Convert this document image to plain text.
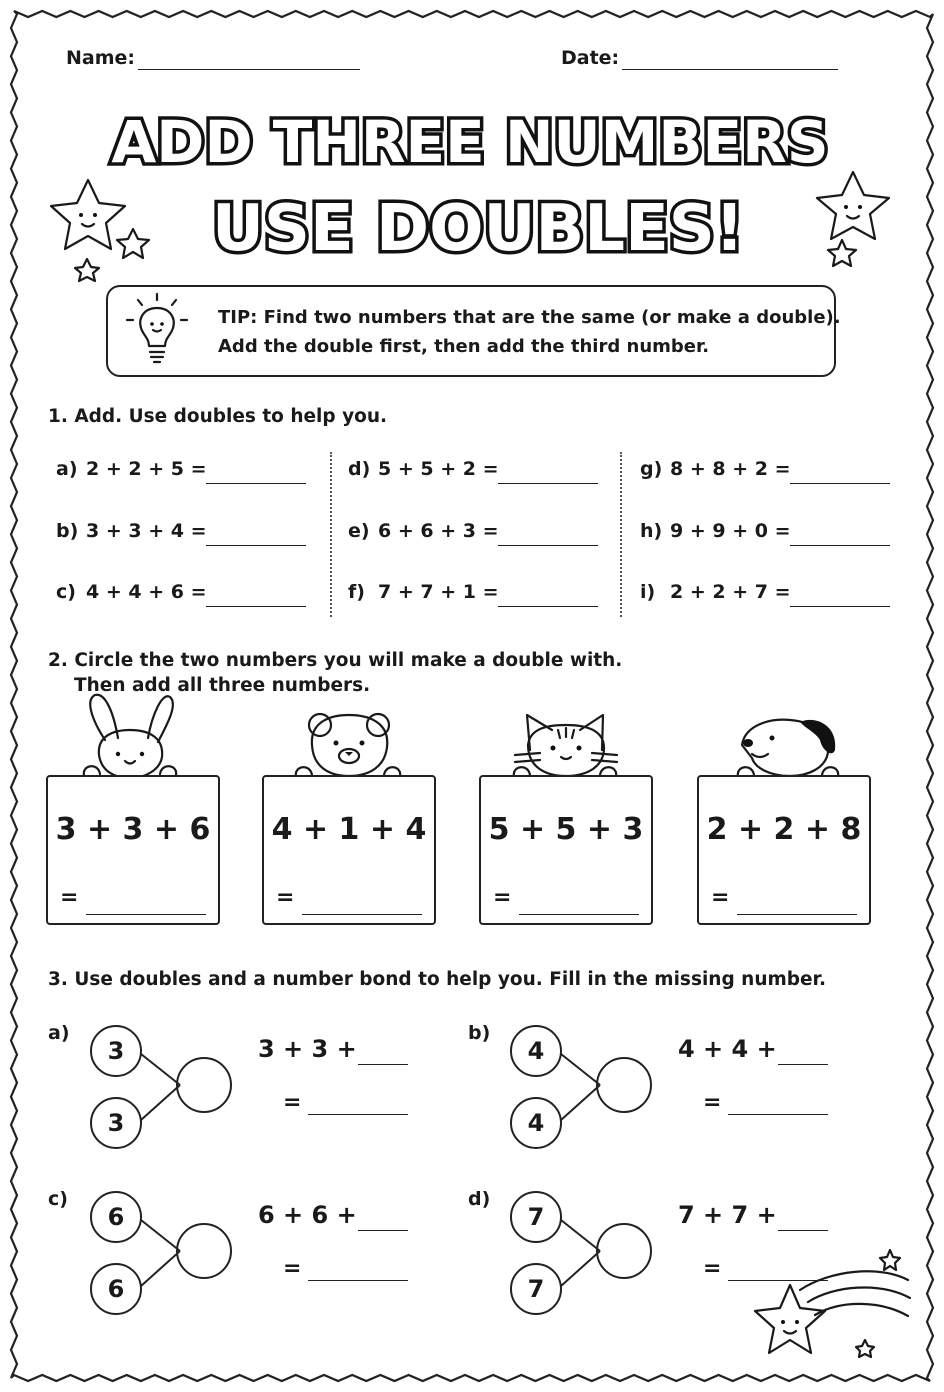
Name:	Date:
ADD THREE NUMBERS
USE DOUBLES!
TIP: Find two numbers that are the same (or make a double).
Add the double first, then add the third number.
1. Add. Use doubles to help you.
a) 2 + 2 + 5 =
b) 3 + 3 + 4 =
c) 4 + 4 + 6 =
d) 5 + 5 + 2 =
e) 6 + 6 + 3 =
f) 7 + 7 + 1 =
g) 8 + 8 + 2 =
h) 9 + 9 + 0 =
i) 2 + 2 + 7 =
2. Circle the two numbers you will make a double with.
Then add all three numbers.
3 + 3 + 6
=
4 + 1 + 4
=
5 + 5 + 3
=
2 + 2 + 8
=
3. Use doubles and a number bond to help you. Fill in the missing number.
a)
3
3
3 + 3 +
=
b)
4
4
4 + 4 +
=
c)
6
6
6 + 6 +
=
d)
7
7
7 + 7 +
=
